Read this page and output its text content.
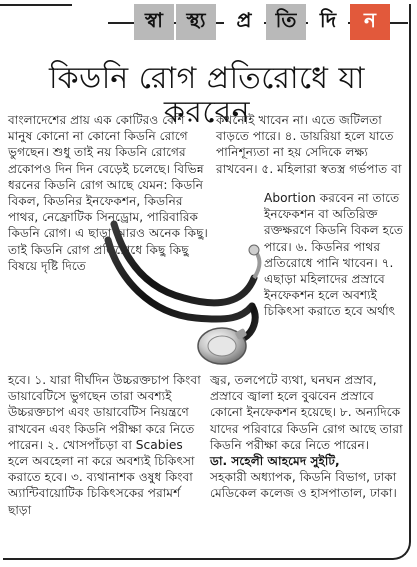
স্বা	স্থ্য	প্র	তি	দি	ন
কিডনি রোগ প্রতিরোধে যা করবেন

বাংলাদেশের প্রায় এক কোটিরও বেশি মানুষ কোনো না কোনো কিডনি রোগে ভুগছেন। শুধু তাই নয় কিডনি রোগের প্রকোপও দিন দিন বেড়েই চলেছে। বিভিন্ন ধরনের কিডনি রোগ আছে যেমন: কিডনি বিকল, কিডনির ইনফেকশন, কিডনির পাথর, নেফ্রোটিক সিনড্রোম, পারিবারিক কিডনি রোগ। এ ছাড়া আরও অনেক কিছু। তাই কিডনি রোগ প্রতিরোধে কিছু কিছু বিষয়ে দৃষ্টি দিতে

কখনোই খাবেন না। এতে জটিলতা বাড়তে পারে। ৪. ডায়রিয়া হলে যাতে পানিশূন্যতা না হয় সেদিকে লক্ষ্য রাখবেন। ৫. মহিলারা স্বতস্ত্র গর্ভপাত বা

Abortion করবেন না তাতে ইনফেকশন বা অতিরিক্ত রক্তক্ষরণে কিডনি বিকল হতে পারে। ৬. কিডনির পাথর প্রতিরোধে পানি খাবেন। ৭. এছাড়া মহিলাদের প্রস্রাবে ইনফেকশন হলে অবশ্যই চিকিৎসা করাতে হবে অর্থাৎ

হবে। ১. যারা দীর্ঘদিন উচ্চরক্তচাপ কিংবা ডায়াবেটিসে ভুগছেন তারা অবশ্যই উচ্চরক্তচাপ এবং ডায়াবেটিস নিয়ন্ত্রণে রাখবেন এবং কিডনি পরীক্ষা করে নিতে পারেন। ২. খোসপাঁচড়া বা Scabies হলে অবহেলা না করে অবশ্যই চিকিৎসা করাতে হবে। ৩. ব্যথানাশক ওষুধ কিংবা অ্যান্টিবায়োটিক চিকিৎসকের পরামর্শ ছাড়া

জ্বর, তলপেটে ব্যথা, ঘনঘন প্রস্রাব, প্রস্রাবে জ্বালা হলে বুঝবেন প্রস্রাবে কোনো ইনফেকশন হয়েছে। ৮. অন্যদিকে যাদের পরিবারে কিডনি রোগ আছে তারা কিডনি পরীক্ষা করে নিতে পারেন।

ডা. সহেলী আহমেদ সুইটি,

সহকারী অধ্যাপক, কিডনি বিভাগ, ঢাকা মেডিকেল কলেজ ও হাসপাতাল, ঢাকা।
